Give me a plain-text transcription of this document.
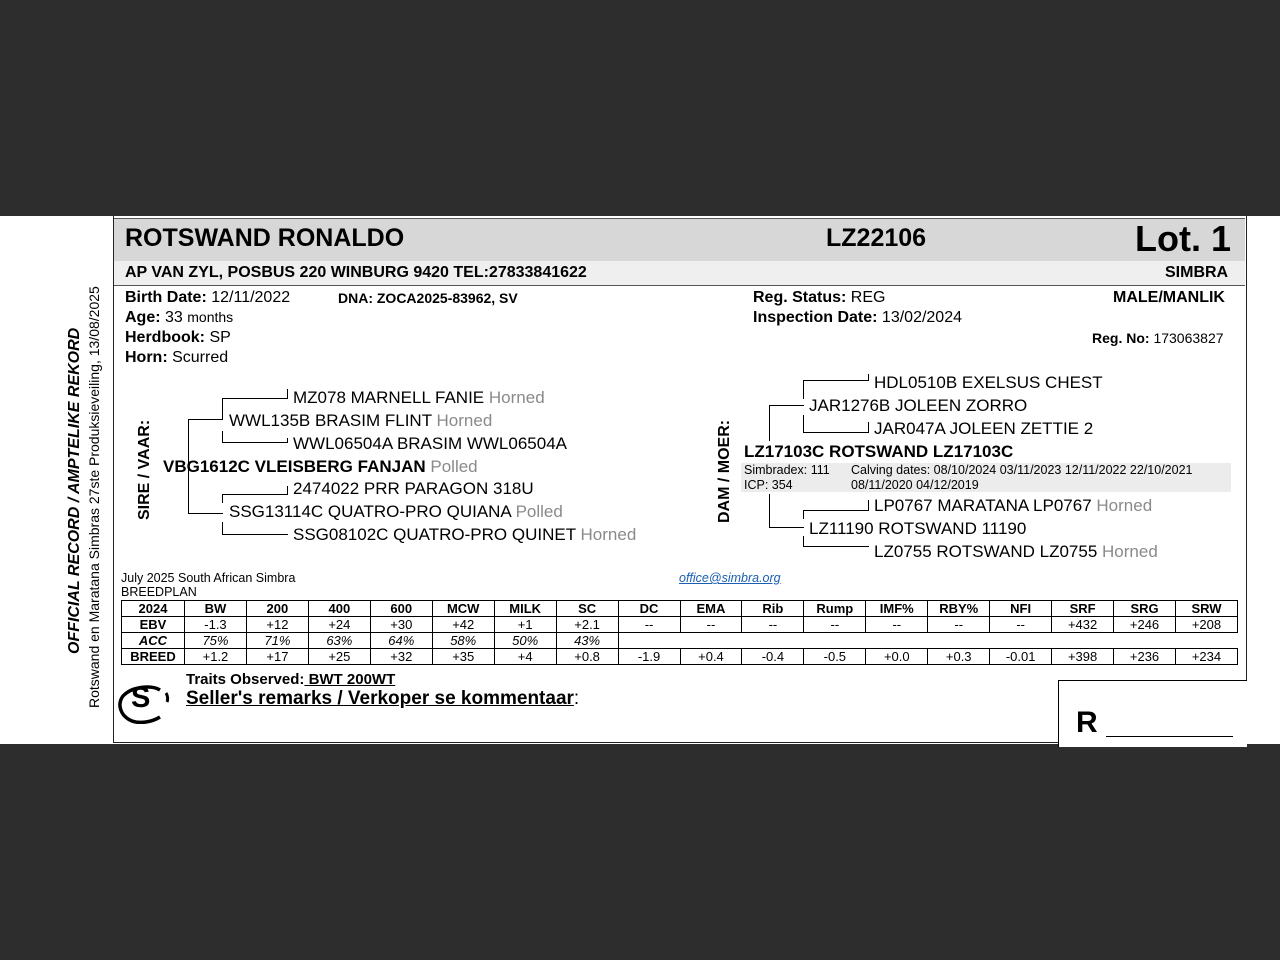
OFFICIAL RECORD / AMPTELIKE REKORD Rotswand en Maratana Simbras 27ste Produksieveiling, 13/08/2025
ROTSWAND RONALDO	LZ22106	Lot. 1
AP VAN ZYL, POSBUS 220 WINBURG 9420 TEL:27833841622	SIMBRA
Birth Date: 12/11/2022	DNA: ZOCA2025-83962, SV
Age: 33 months
Herdbook: SP
Horn: Scurred
Reg. Status: REG
Inspection Date: 13/02/2024
MALE/MANLIK
Reg. No: 173063827
SIRE / VAAR:
MZ078 MARNELL FANIE Horned
WWL135B BRASIM FLINT Horned
WWL06504A BRASIM WWL06504A
VBG1612C VLEISBERG FANJAN Polled
2474022 PRR PARAGON 318U
SSG13114C QUATRO-PRO QUIANA Polled
SSG08102C QUATRO-PRO QUINET Horned
DAM / MOER:
HDL0510B EXELSUS CHEST
JAR1276B JOLEEN ZORRO
JAR047A JOLEEN ZETTIE 2
LZ17103C ROTSWAND LZ17103C
Simbradex: 111
ICP: 354
Calving dates: 08/10/2024 03/11/2023 12/11/2022 22/10/2021
08/11/2020 04/12/2019
LP0767 MARATANA LP0767 Horned
LZ11190 ROTSWAND 11190
LZ0755 ROTSWAND LZ0755 Horned
July 2025 South African Simbra
BREEDPLAN
office@simbra.org
2024	BW	200	400	600	MCW	MILK	SC	DC	EMA	Rib	Rump	IMF%	RBY%	NFI	SRF	SRG	SRW
EBV	-1.3	+12	+24	+30	+42	+1	+2.1	--	--	--	--	--	--	--	+432	+246	+208
ACC	75%	71%	63%	64%	58%	50%	43%										
BREED	+1.2	+17	+25	+32	+35	+4	+0.8	-1.9	+0.4	-0.4	-0.5	+0.0	+0.3	-0.01	+398	+236	+234
S
Traits Observed: BWT 200WT
Seller's remarks / Verkoper se kommentaar:
R
